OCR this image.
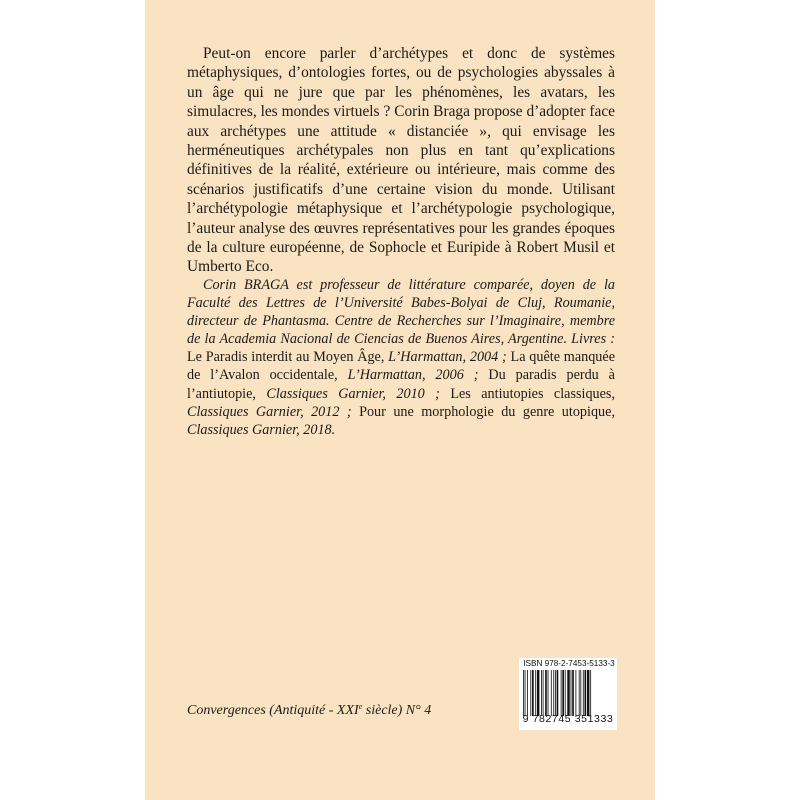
Peut-on encore parler d’archétypes et donc de systèmes métaphysiques, d’ontologies fortes, ou de psychologies abyssales à un âge qui ne jure que par les phénomènes, les avatars, les simulacres, les mondes virtuels ? Corin Braga propose d’adopter face aux archétypes une attitude « distanciée », qui envisage les herméneutiques archétypales non plus en tant qu’explications définitives de la réalité, extérieure ou intérieure, mais comme des scénarios justificatifs d’une certaine vision du monde. Utilisant l’archétypologie métaphysique et l’archétypologie psychologique, l’auteur analyse des œuvres représentatives pour les grandes époques de la culture européenne, de Sophocle et Euripide à Robert Musil et Umberto Eco.

Corin BRAGA est professeur de littérature comparée, doyen de la Faculté des Lettres de l’Université Babes-Bolyai de Cluj, Roumanie, directeur de Phantasma. Centre de Recherches sur l’Imaginaire, membre de la Academia Nacional de Ciencias de Buenos Aires, Argentine. Livres : Le Paradis interdit au Moyen Âge, L’Harmattan, 2004 ; La quête manquée de l’Avalon occidentale, L’Harmattan, 2006 ; Du paradis perdu à l’antiutopie, Classiques Garnier, 2010 ; Les antiutopies classiques, Classiques Garnier, 2012 ; Pour une morphologie du genre utopique, Classiques Garnier, 2018.

Convergences (Antiquité - XXIe siècle) N° 4
ISBN 978-2-7453-5133-3
9 782745 351333
